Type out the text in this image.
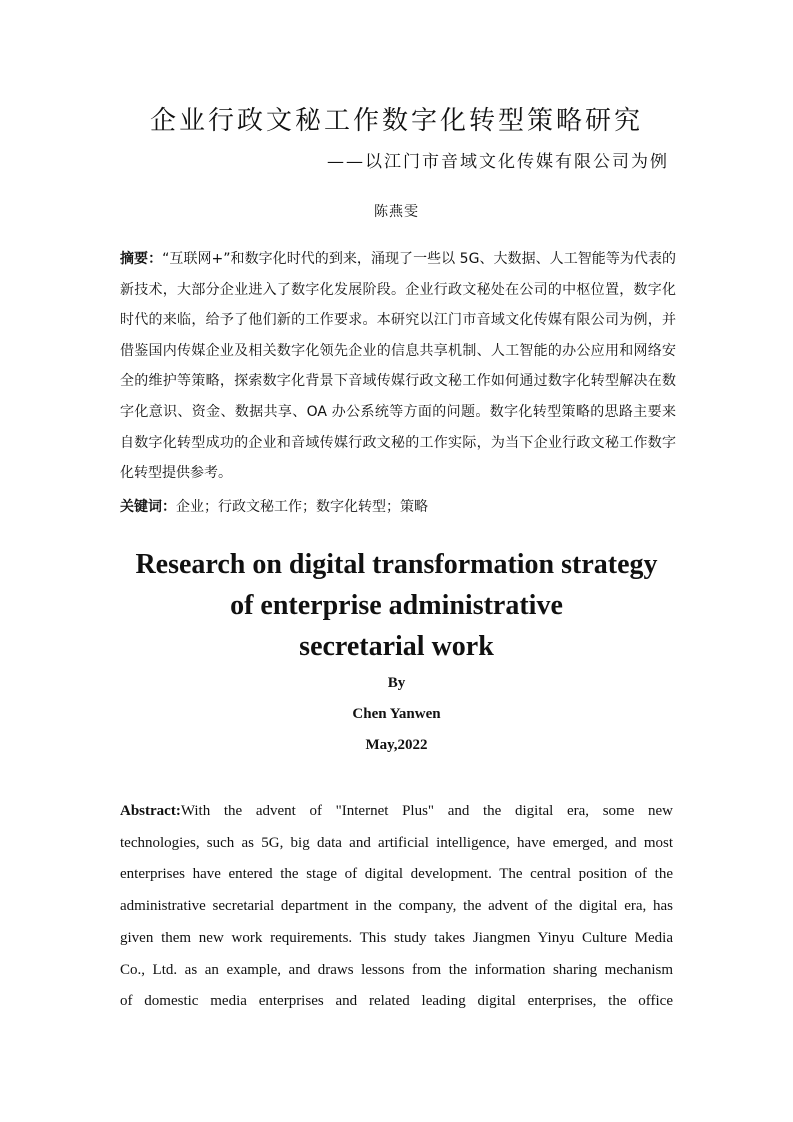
企业行政文秘工作数字化转型策略研究
——以江门市音域文化传媒有限公司为例
陈燕雯
摘要：“互联网+”和数字化时代的到来，涌现了一些以 5G、大数据、人工智能等为代表的新技术，大部分企业进入了数字化发展阶段。企业行政文秘处在公司的中枢位置，数字化时代的来临，给予了他们新的工作要求。本研究以江门市音域文化传媒有限公司为例，并借鉴国内传媒企业及相关数字化领先企业的信息共享机制、人工智能的办公应用和网络安全的维护等策略，探索数字化背景下音域传媒行政文秘工作如何通过数字化转型解决在数字化意识、资金、数据共享、OA 办公系统等方面的问题。数字化转型策略的思路主要来自数字化转型成功的企业和音域传媒行政文秘的工作实际，为当下企业行政文秘工作数字化转型提供参考。
关键词：企业；行政文秘工作；数字化转型；策略
Research on digital transformation strategy
of enterprise administrative
secretarial work
By
Chen Yanwen
May,2022
Abstract:With the advent of "Internet Plus" and the digital era, some new
technologies, such as 5G, big data and artificial intelligence, have emerged, and most
enterprises have entered the stage of digital development. The central position of the
administrative secretarial department in the company, the advent of the digital era, has
given them new work requirements. This study takes Jiangmen Yinyu Culture Media
Co., Ltd. as an example, and draws lessons from the information sharing mechanism
of domestic media enterprises and related leading digital enterprises, the office
